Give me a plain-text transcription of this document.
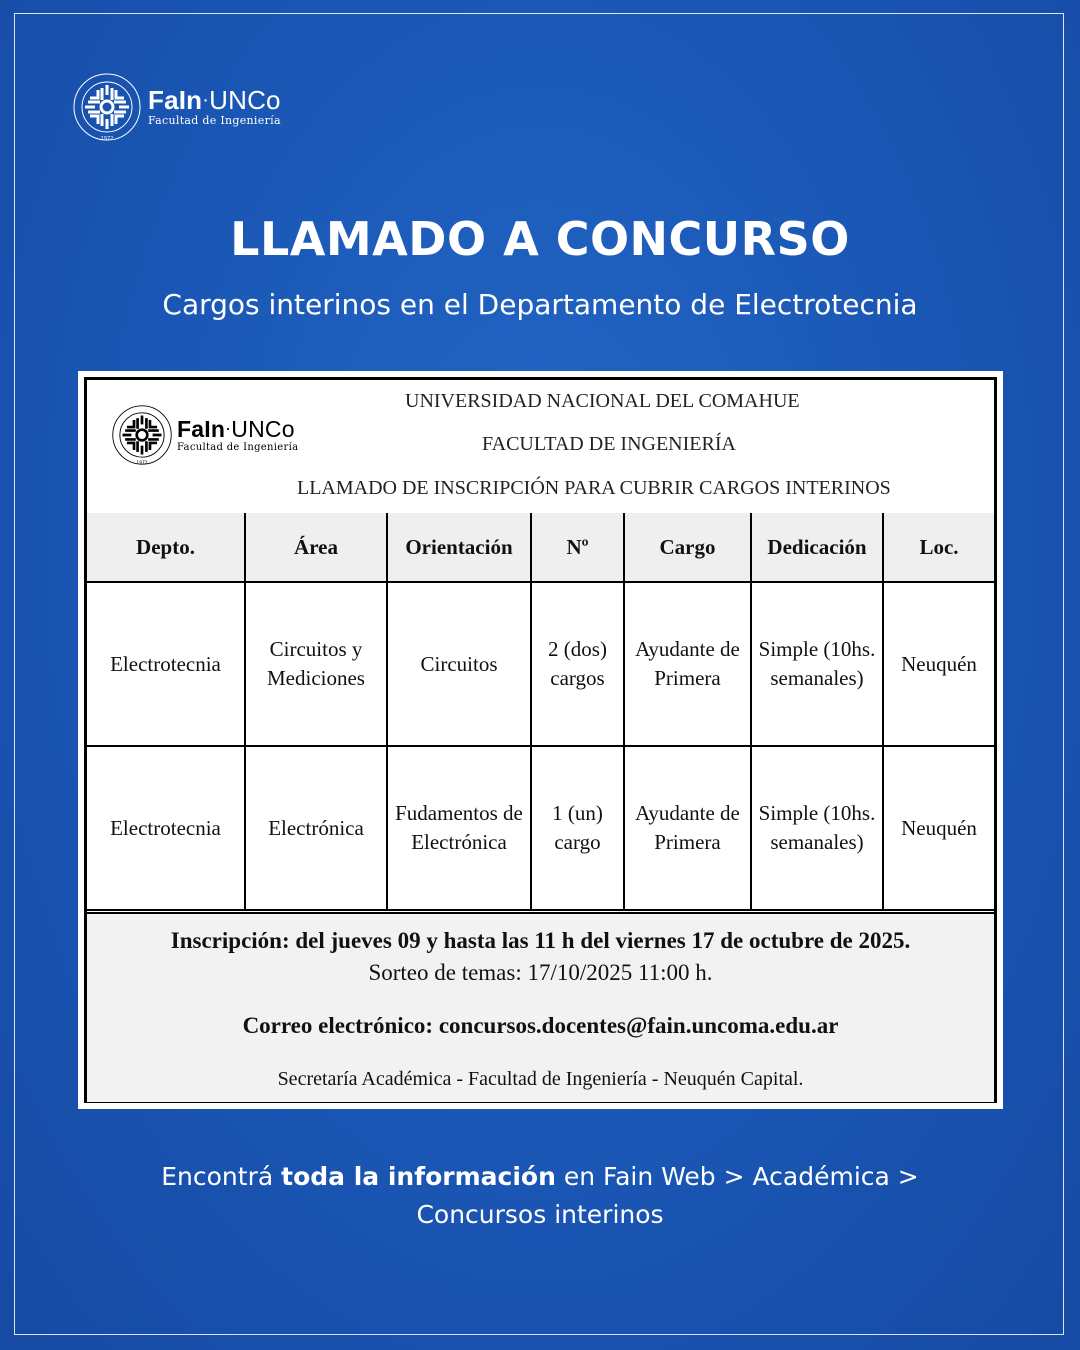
1972
FaIn·UNCo
Facultad de Ingeniería
LLAMADO A CONCURSO
Cargos interinos en el Departamento de Electrotecnia
1972
FaIn·UNCo
Facultad de Ingeniería
UNIVERSIDAD NACIONAL DEL COMAHUE
FACULTAD DE INGENIERÍA
LLAMADO DE INSCRIPCIÓN PARA CUBRIR CARGOS INTERINOS
Depto.	Área	Orientación	Nº	Cargo	Dedicación	Loc.
Electrotecnia	Circuitos y Mediciones	Circuitos	2 (dos) cargos	Ayudante de Primera	Simple (10hs. semanales)	Neuquén
Electrotecnia	Electrónica	Fudamentos de Electrónica	1 (un) cargo	Ayudante de Primera	Simple (10hs. semanales)	Neuquén
Inscripción: del jueves 09 y hasta las 11 h del viernes 17 de octubre de 2025.
Sorteo de temas: 17/10/2025 11:00 h.
Correo electrónico: concursos.docentes@fain.uncoma.edu.ar
Secretaría Académica - Facultad de Ingeniería - Neuquén Capital.
Encontrá toda la información en Fain Web > Académica >
Concursos interinos
